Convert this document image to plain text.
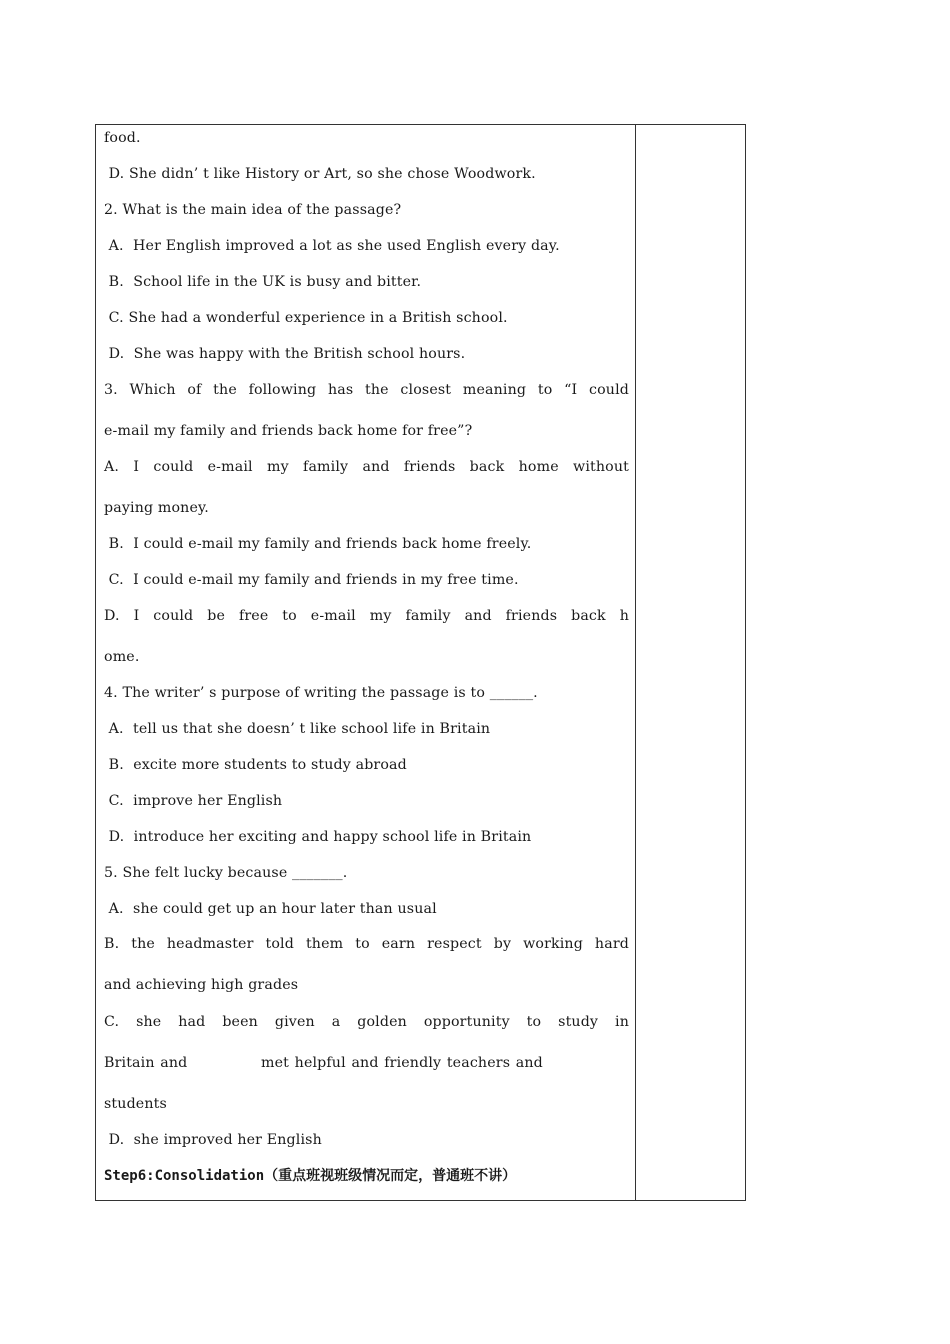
food.
D. She didn’ t like History or Art, so she chose Woodwork.
2. What is the main idea of the passage?
A.  Her English improved a lot as she used English every day.
B.  School life in the UK is busy and bitter.
C. She had a wonderful experience in a British school.
D.  She was happy with the British school hours.
3. Which of the following has the closest meaning to “I could
e-mail my family and friends back home for free”?
A. I could e-mail my family and friends back home without
paying money.
B.  I could e-mail my family and friends back home freely.
C.  I could e-mail my family and friends in my free time.
D. I could be free to e-mail my family and friends back h
ome.
4. The writer’ s purpose of writing the passage is to ______.
A.  tell us that she doesn’ t like school life in Britain
B.  excite more students to study abroad
C.  improve her English
D.  introduce her exciting and happy school life in Britain
5. She felt lucky because _______.
A.  she could get up an hour later than usual
B. the headmaster told them to earn respect by working hard
and achieving high grades
C. she had been given a golden opportunity to study in
Britain and             met helpful and friendly teachers and
students
D.  she improved her English
Step6:Consolidation（重点班视班级情况而定，普通班不讲）
